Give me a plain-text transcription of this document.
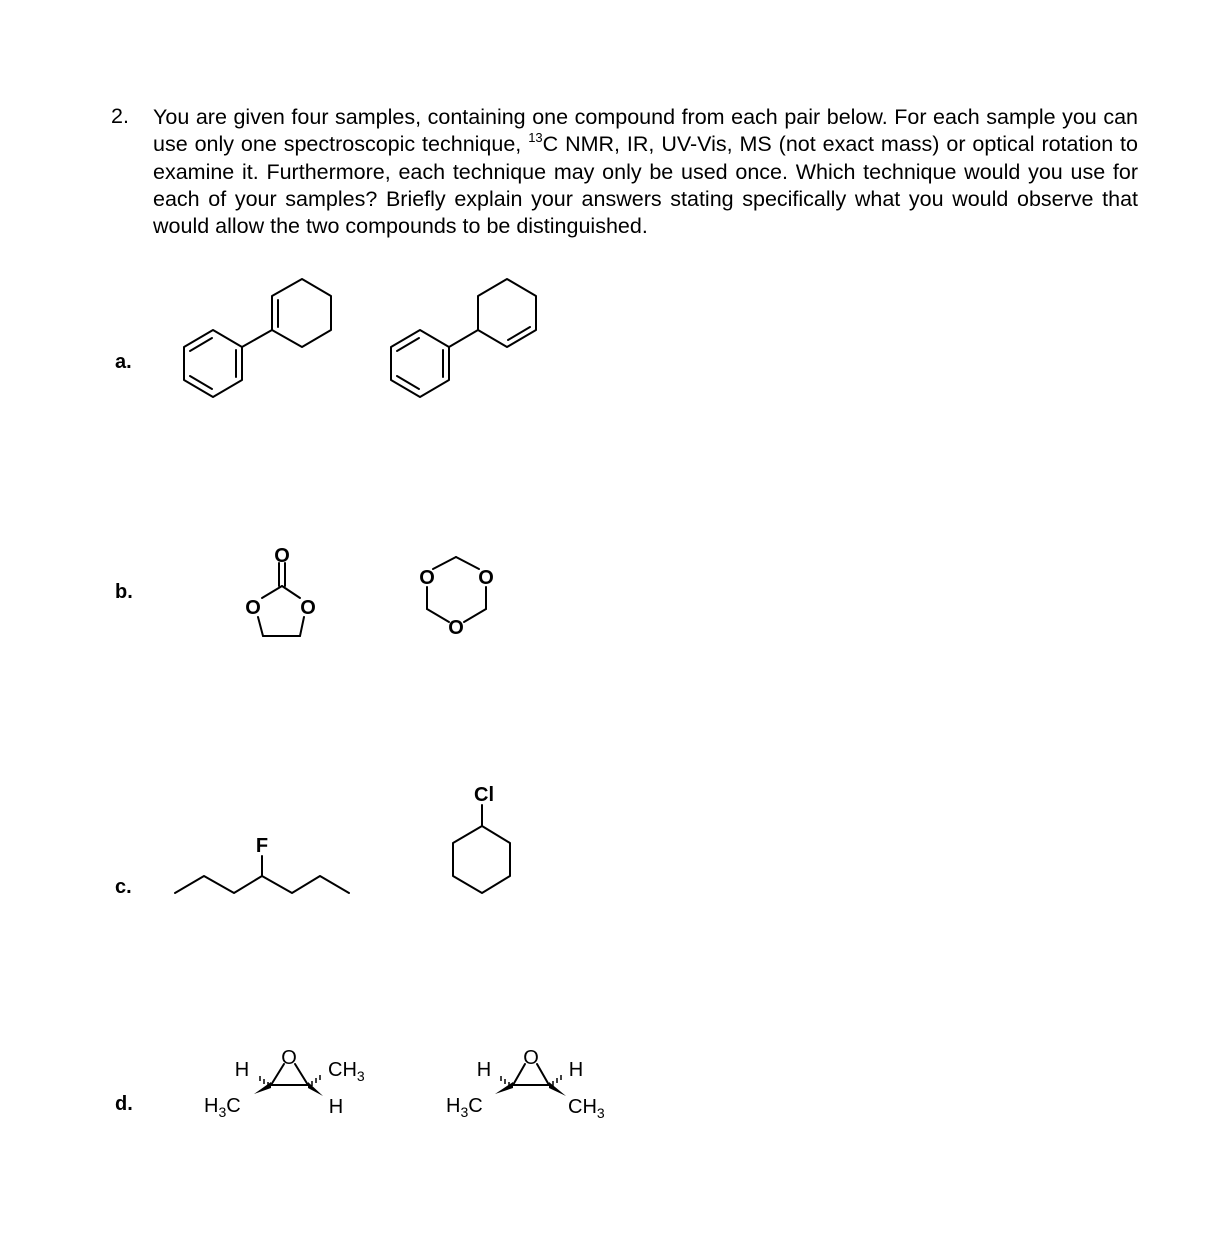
2. You are given four samples, containing one compound from each pair below. For each sample you can use only one spectroscopic technique, $^{13}$C NMR, IR, UV-Vis, MS (not exact mass) or optical rotation to examine it. Furthermore, each technique may only be used once. Which technique would you use for each of your samples? Briefly explain your answers stating specifically what you would observe that would allow the two compounds to be distinguished.
a.
b.
c.
d.
O
O O
O O
O
F
Cl
O
H
H
$H_3C$
$CH_3$
O
H	H
$H_3C$	$CH_3$
